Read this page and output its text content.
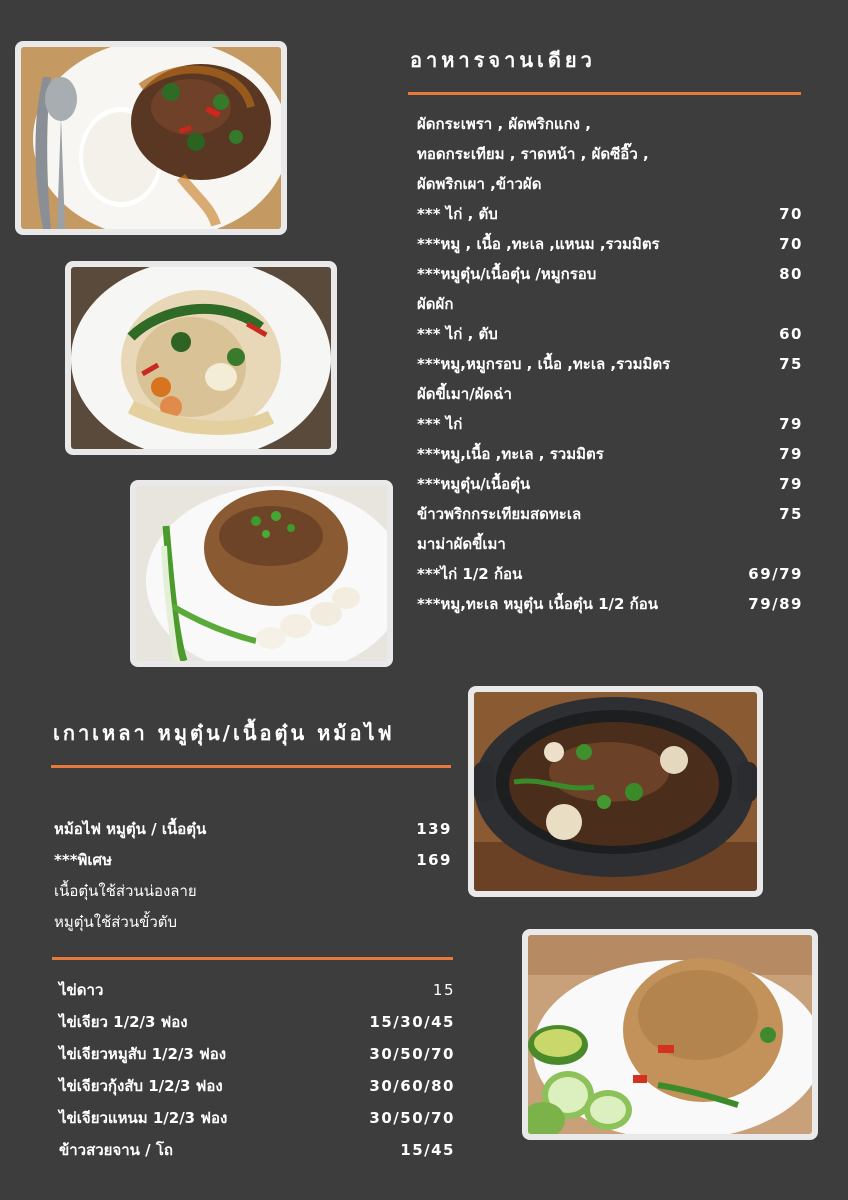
อาหารจานเดียว
ผัดกระเพรา , ผัดพริกแกง ,
ทอดกระเทียม , ราดหน้า , ผัดซีอิ๊ว ,
ผัดพริกเผา ,ข้าวผัด
*** ไก่ , ตับ	70
***หมู , เนื้อ ,ทะเล ,แหนม ,รวมมิตร	70
***หมูตุ๋น/เนื้อตุ๋น /หมูกรอบ	80
ผัดผัก
*** ไก่ , ตับ	60
***หมู,หมูกรอบ , เนื้อ ,ทะเล ,รวมมิตร	75
ผัดขี้เมา/ผัดฉ่า
*** ไก่	79
***หมู,เนื้อ ,ทะเล , รวมมิตร	79
***หมูตุ๋น/เนื้อตุ๋น	79
ข้าวพริกกระเทียมสดทะเล	75
มาม่าผัดขี้เมา
***ไก่ 1/2 ก้อน	69/79
***หมู,ทะเล หมูตุ๋น เนื้อตุ๋น 1/2 ก้อน	79/89
เกาเหลา หมูตุ๋น/เนื้อตุ๋น หม้อไฟ
หม้อไฟ หมูตุ๋น / เนื้อตุ๋น	139
***พิเศษ	169
เนื้อตุ๋นใช้ส่วนน่องลาย
หมูตุ๋นใช้ส่วนขั้วตับ
ไข่ดาว	15
ไข่เจียว 1/2/3 ฟอง	15/30/45
ไข่เจียวหมูสับ 1/2/3 ฟอง	30/50/70
ไข่เจียวกุ้งสับ 1/2/3 ฟอง	30/60/80
ไข่เจียวแหนม 1/2/3 ฟอง	30/50/70
ข้าวสวยจาน / โถ	15/45
